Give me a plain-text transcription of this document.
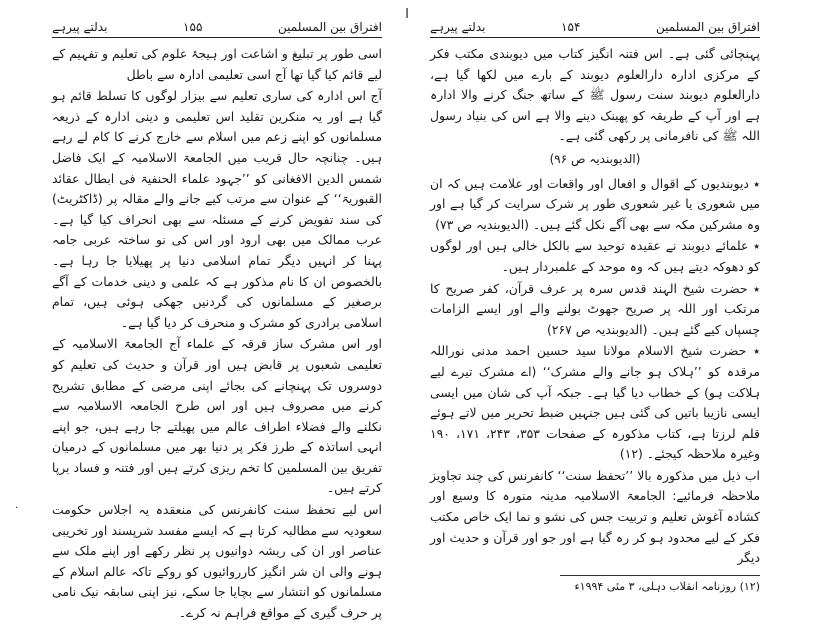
ا
افتراق بین المسلمین
۱۵۵
بدلتے پیرہے

اسی طور پر تبلیغ و اشاعت اور ہیجۂ علوم کی تعلیم و تفہیم کے لیے قائم کیا گیا تھا آج اسی تعلیمی ادارہ سے باطل

آج اس ادارہ کی ساری تعلیم سے بیزار لوگوں کا تسلط قائم ہو گیا ہے اور یہ منکرین تقلید اس تعلیمی و دینی ادارہ کے ذریعہ مسلمانوں کو اپنے زعم میں اسلام سے خارج کرنے کا کام لے رہے ہیں۔ چنانچہ حال قریب میں الجامعۃ الاسلامیہ کے ایک فاضل شمس الدین الافغانی کو ’’جہود علماء الحنفیۃ فی ابطال عقائد القبوریۃ‘‘ کے عنوان سے مرتب کیے جانے والے مقالہ پر (ڈاکٹریٹ) کی سند تفویض کرنے کے مسئلہ سے بھی انحراف کیا گیا ہے۔ عرب ممالک میں بھی ارود اور اس کی نو ساختہ عربی جامہ پہنا کر انہیں دیگر تمام اسلامی دنیا پر پھیلایا جا رہا ہے۔ بالخصوص ان کا نام مذکور ہے کہ علمی و دینی خدمات کے آگے برصغیر کے مسلمانوں کی گردنیں جھکی ہوئی ہیں، تمام اسلامی برادری کو مشرک و منحرف کر دیا گیا ہے۔

اور اس مشرک ساز فرقہ کے علماء آج الجامعۃ الاسلامیہ کے تعلیمی شعبوں پر قابض ہیں اور قرآن و حدیث کی تعلیم کو دوسروں تک پہنچانے کی بجائے اپنی مرضی کے مطابق تشریح کرنے میں مصروف ہیں اور اس طرح الجامعہ الاسلامیہ سے نکلنے والے فضلاء اطراف عالم میں پھیلتے جا رہے ہیں، جو اپنے انہی اساتذہ کے طرز فکر پر دنیا بھر میں مسلمانوں کے درمیان تفریق بین المسلمین کا تخم ریزی کرتے ہیں اور فتنہ و فساد برپا کرتے ہیں۔

اس لیے تحفظ سنت کانفرنس کی منعقدہ یہ اجلاس حکومت سعودیہ سے مطالبہ کرتا ہے کہ ایسے مفسد شرپسند اور تخریبی عناصر اور ان کی ریشہ دوانیوں پر نظر رکھے اور اپنے ملک سے ہونے والی ان شر انگیز کارروائیوں کو روکے تاکہ عالم اسلام کے مسلمانوں کو انتشار سے بچایا جا سکے، نیز اپنی سابقہ نیک نامی پر حرف گیری کے مواقع فراہم نہ کرے۔

افتراق بین المسلمین
۱۵۴
بدلتے پیرہے

پہنچائی گئی ہے۔ اس فتنہ انگیز کتاب میں دیوبندی مکتب فکر کے مرکزی ادارہ دارالعلوم دیوبند کے بارے میں لکھا گیا ہے، دارالعلوم دیوبند سنت رسول ﷺ کے ساتھ جنگ کرنے والا ادارہ ہے اور آپ کے طریقہ کو پھینک دینے والا ہے اس کی بنیاد رسول اللہ ﷺ کی نافرمانی پر رکھی گئی ہے۔

(الدیوبندیہ ص ۹۶)

٭ دیوبندیوں کے اقوال و افعال اور واقعات اور علامت ہیں کہ ان میں شعوری یا غیر شعوری طور پر شرک سرایت کر گیا ہے اور وہ مشرکین مکہ سے بھی آگے نکل گئے ہیں۔ (الدیوبندیہ ص ۷۳)

٭ علمائے دیوبند نے عقیدہ توحید سے بالکل خالی ہیں اور لوگوں کو دھوکہ دیتے ہیں کہ وہ موحد کے علمبردار ہیں۔

٭ حضرت شیخ الہند قدس سرہ پر عرف قرآن، کفر صریح کا مرتکب اور اللہ پر صریح جھوٹ بولنے والے اور ایسے الزامات چسپاں کیے گئے ہیں۔ (الدیوبندیہ ص ۲۶۷)

٭ حضرت شیخ الاسلام مولانا سید حسین احمد مدنی نوراللہ مرقدہ کو ’’ہلاک ہو جانے والے مشرک‘‘ (اے مشرک تیرے لیے ہلاکت ہو) کے خطاب دیا گیا ہے۔ جبکہ آپ کی شان میں ایسی ایسی نازیبا باتیں کی گئی ہیں جنہیں ضبط تحریر میں لاتے ہوئے قلم لرزتا ہے، کتاب مذکورہ کے صفحات ۳۵۳، ۲۴۳، ۱۷۱، ۱۹۰ وغیرہ ملاحظہ کیجئے۔ (۱۲)

اب ذیل میں مذکورہ بالا ’’تحفظ سنت‘‘ کانفرنس کی چند تجاویز ملاحظہ فرمائیے: الجامعۃ الاسلامیہ مدینہ منورہ کا وسیع اور کشادہ آغوش تعلیم و تربیت جس کی نشو و نما ایک خاص مکتب فکر کے لیے محدود ہو کر رہ گیا ہے اور جو اور قرآن و حدیث اور دیگر

(۱۲) روزنامہ انقلاب دہلی، ۳ مئی ۱۹۹۴ء

·
